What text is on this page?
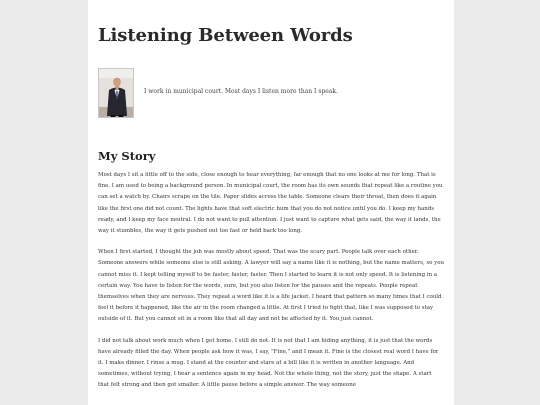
Listening Between Words
I work in municipal court. Most days I listen more than I speak.
My Story

Most days I sit a little off to the side, close enough to hear everything, far enough that no one looks at me for long. That is fine. I am used to being a background person. In municipal court, the room has its own sounds that repeat like a routine you can set a watch by. Chairs scrape on the tile. Paper slides across the table. Someone clears their throat, then does it again like the first one did not count. The lights have that soft electric hum that you do not notice until you do. I keep my hands ready, and I keep my face neutral. I do not want to pull attention. I just want to capture what gets said, the way it lands, the way it stumbles, the way it gets pushed out too fast or held back too long.

When I first started, I thought the job was mostly about speed. That was the scary part. People talk over each other. Someone answers while someone else is still asking. A lawyer will say a name like it is nothing, but the name matters, so you cannot miss it. I kept telling myself to be faster, faster, faster. Then I started to learn it is not only speed. It is listening in a certain way. You have to listen for the words, sure, but you also listen for the pauses and the repeats. People repeat themselves when they are nervous. They repeat a word like it is a life jacket. I heard that pattern so many times that I could feel it before it happened, like the air in the room changed a little. At first I tried to fight that, like I was supposed to stay outside of it. But you cannot sit in a room like that all day and not be affected by it. You just cannot.

I did not talk about work much when I got home. I still do not. It is not that I am hiding anything, it is just that the words have already filled the day. When people ask how it was, I say, "Fine," and I mean it. Fine is the closest real word I have for it. I make dinner. I rinse a mug. I stand at the counter and stare at a bill like it is written in another language. And sometimes, without trying, I hear a sentence again in my head. Not the whole thing, not the story, just the shape. A start that felt strong and then got smaller. A little pause before a simple answer. The way someone
